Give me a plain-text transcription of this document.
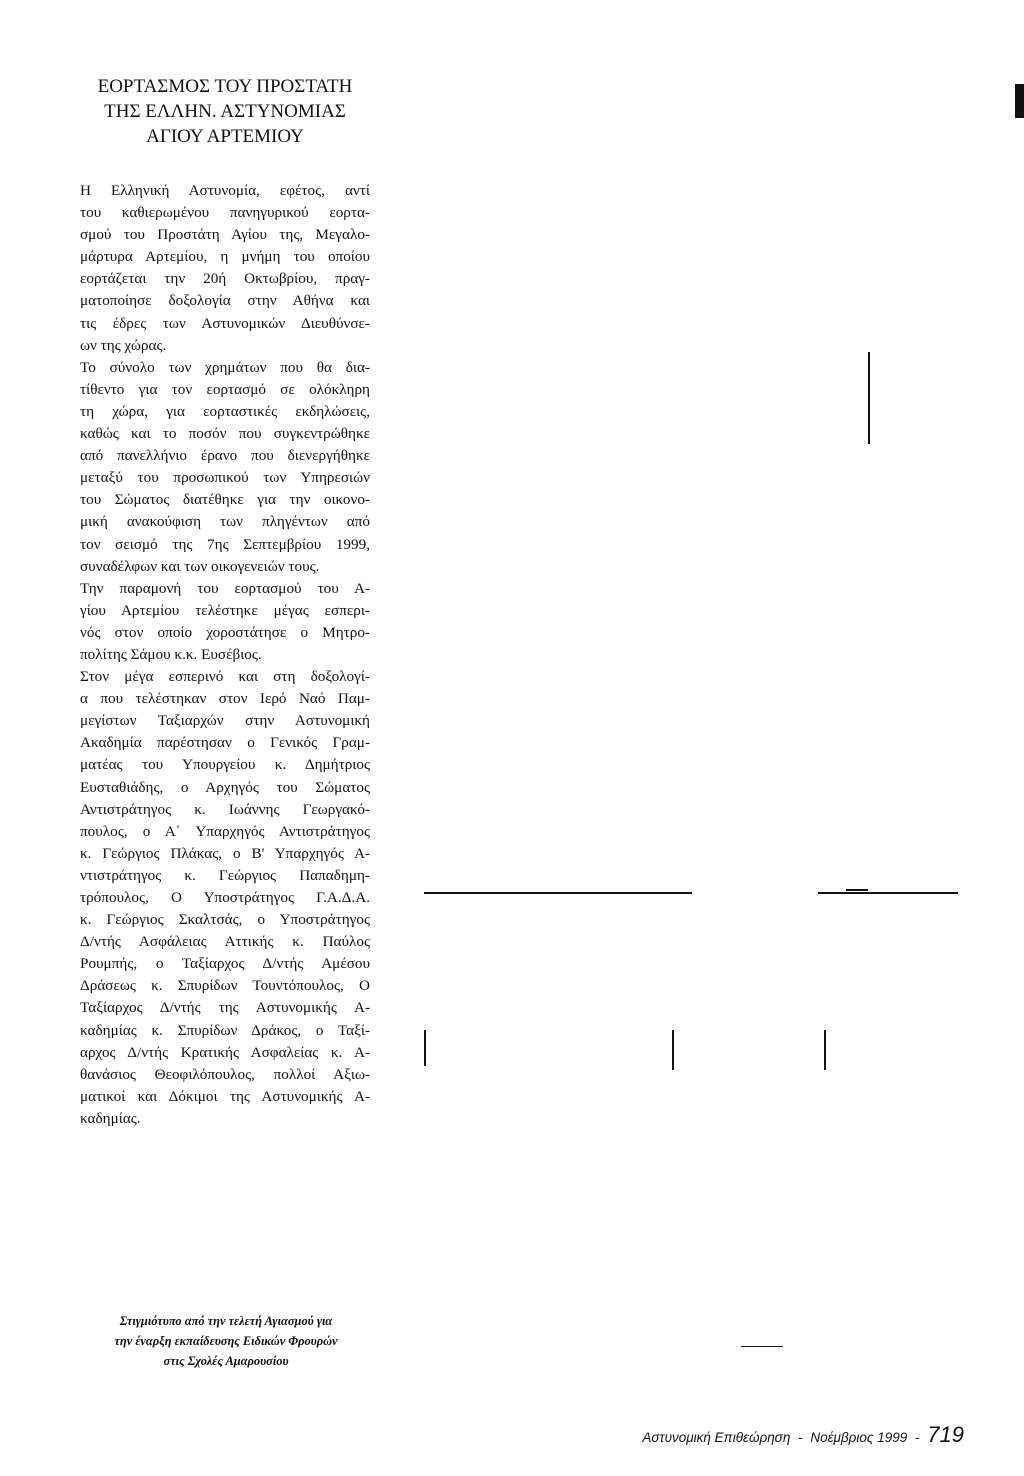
ΕΟΡΤΑΣΜΟΣ ΤΟΥ ΠΡΟΣΤΑΤΗ
ΤΗΣ ΕΛΛΗΝ. ΑΣΤΥΝΟΜΙΑΣ
ΑΓΙΟΥ ΑΡΤΕΜΙΟΥ
Η Ελληνική Αστυνομία, εφέτος, αντί
του καθιερωμένου πανηγυρικού εορτα-
σμού του Προστάτη Αγίου της, Μεγαλο-
μάρτυρα Αρτεμίου, η μνήμη του οποίου
εορτάζεται την 20ή Οκτωβρίου, πραγ-
ματοποίησε δοξολογία στην Αθήνα και
τις έδρες των Αστυνομικών Διευθύνσε-
ων της χώρας.
Το σύνολο των χρημάτων που θα δια-
τίθεντο για τον εορτασμό σε ολόκληρη
τη χώρα, για εορταστικές εκδηλώσεις,
καθώς και το ποσόν που συγκεντρώθηκε
από πανελλήνιο έρανο που διενεργήθηκε
μεταξύ του προσωπικού των Υπηρεσιών
του Σώματος διατέθηκε για την οικονο-
μική ανακούφιση των πληγέντων από
τον σεισμό της 7ης Σεπτεμβρίου 1999,
συναδέλφων και των οικογενειών τους.
Την παραμονή του εορτασμού του Α-
γίου Αρτεμίου τελέστηκε μέγας εσπερι-
νός στον οποίο χοροστάτησε ο Μητρο-
πολίτης Σάμου κ.κ. Ευσέβιος.
Στον μέγα εσπερινό και στη δοξολογί-
α που τελέστηκαν στον Ιερό Ναό Παμ-
μεγίστων Ταξιαρχών στην Αστυνομική
Ακαδημία παρέστησαν ο Γενικός Γραμ-
ματέας του Υπουργείου κ. Δημήτριος
Ευσταθιάδης, ο Αρχηγός του Σώματος
Αντιστράτηγος κ. Ιωάννης Γεωργακό-
πουλος, ο Α΄ Υπαρχηγός Αντιστράτηγος
κ. Γεώργιος Πλάκας, ο Β' Υπαρχηγός Α-
ντιστράτηγος κ. Γεώργιος Παπαδημη-
τρόπουλος, Ο Υποστράτηγος Γ.Α.Δ.Α.
κ. Γεώργιος Σκαλτσάς, ο Υποστράτηγος
Δ/ντής Ασφάλειας Αττικής κ. Παύλος
Ρουμπής, ο Ταξίαρχος Δ/ντής Αμέσου
Δράσεως κ. Σπυρίδων Τουντόπουλος, Ο
Ταξίαρχος Δ/ντής της Αστυνομικής Α-
καδημίας κ. Σπυρίδων Δράκος, ο Ταξί-
αρχος Δ/ντής Κρατικής Ασφαλείας κ. Α-
θανάσιος Θεοφιλόπουλος, πολλοί Αξιω-
ματικοί και Δόκιμοι της Αστυνομικής Α-
καδημίας.
Στιγμιότυπο από την τελετή Αγιασμού για
την έναρξη εκπαίδευσης Ειδικών Φρουρών
στις Σχολές Αμαρουσίου
Αστυνομική Επιθεώρηση - Νοέμβριος 1999 - 719
